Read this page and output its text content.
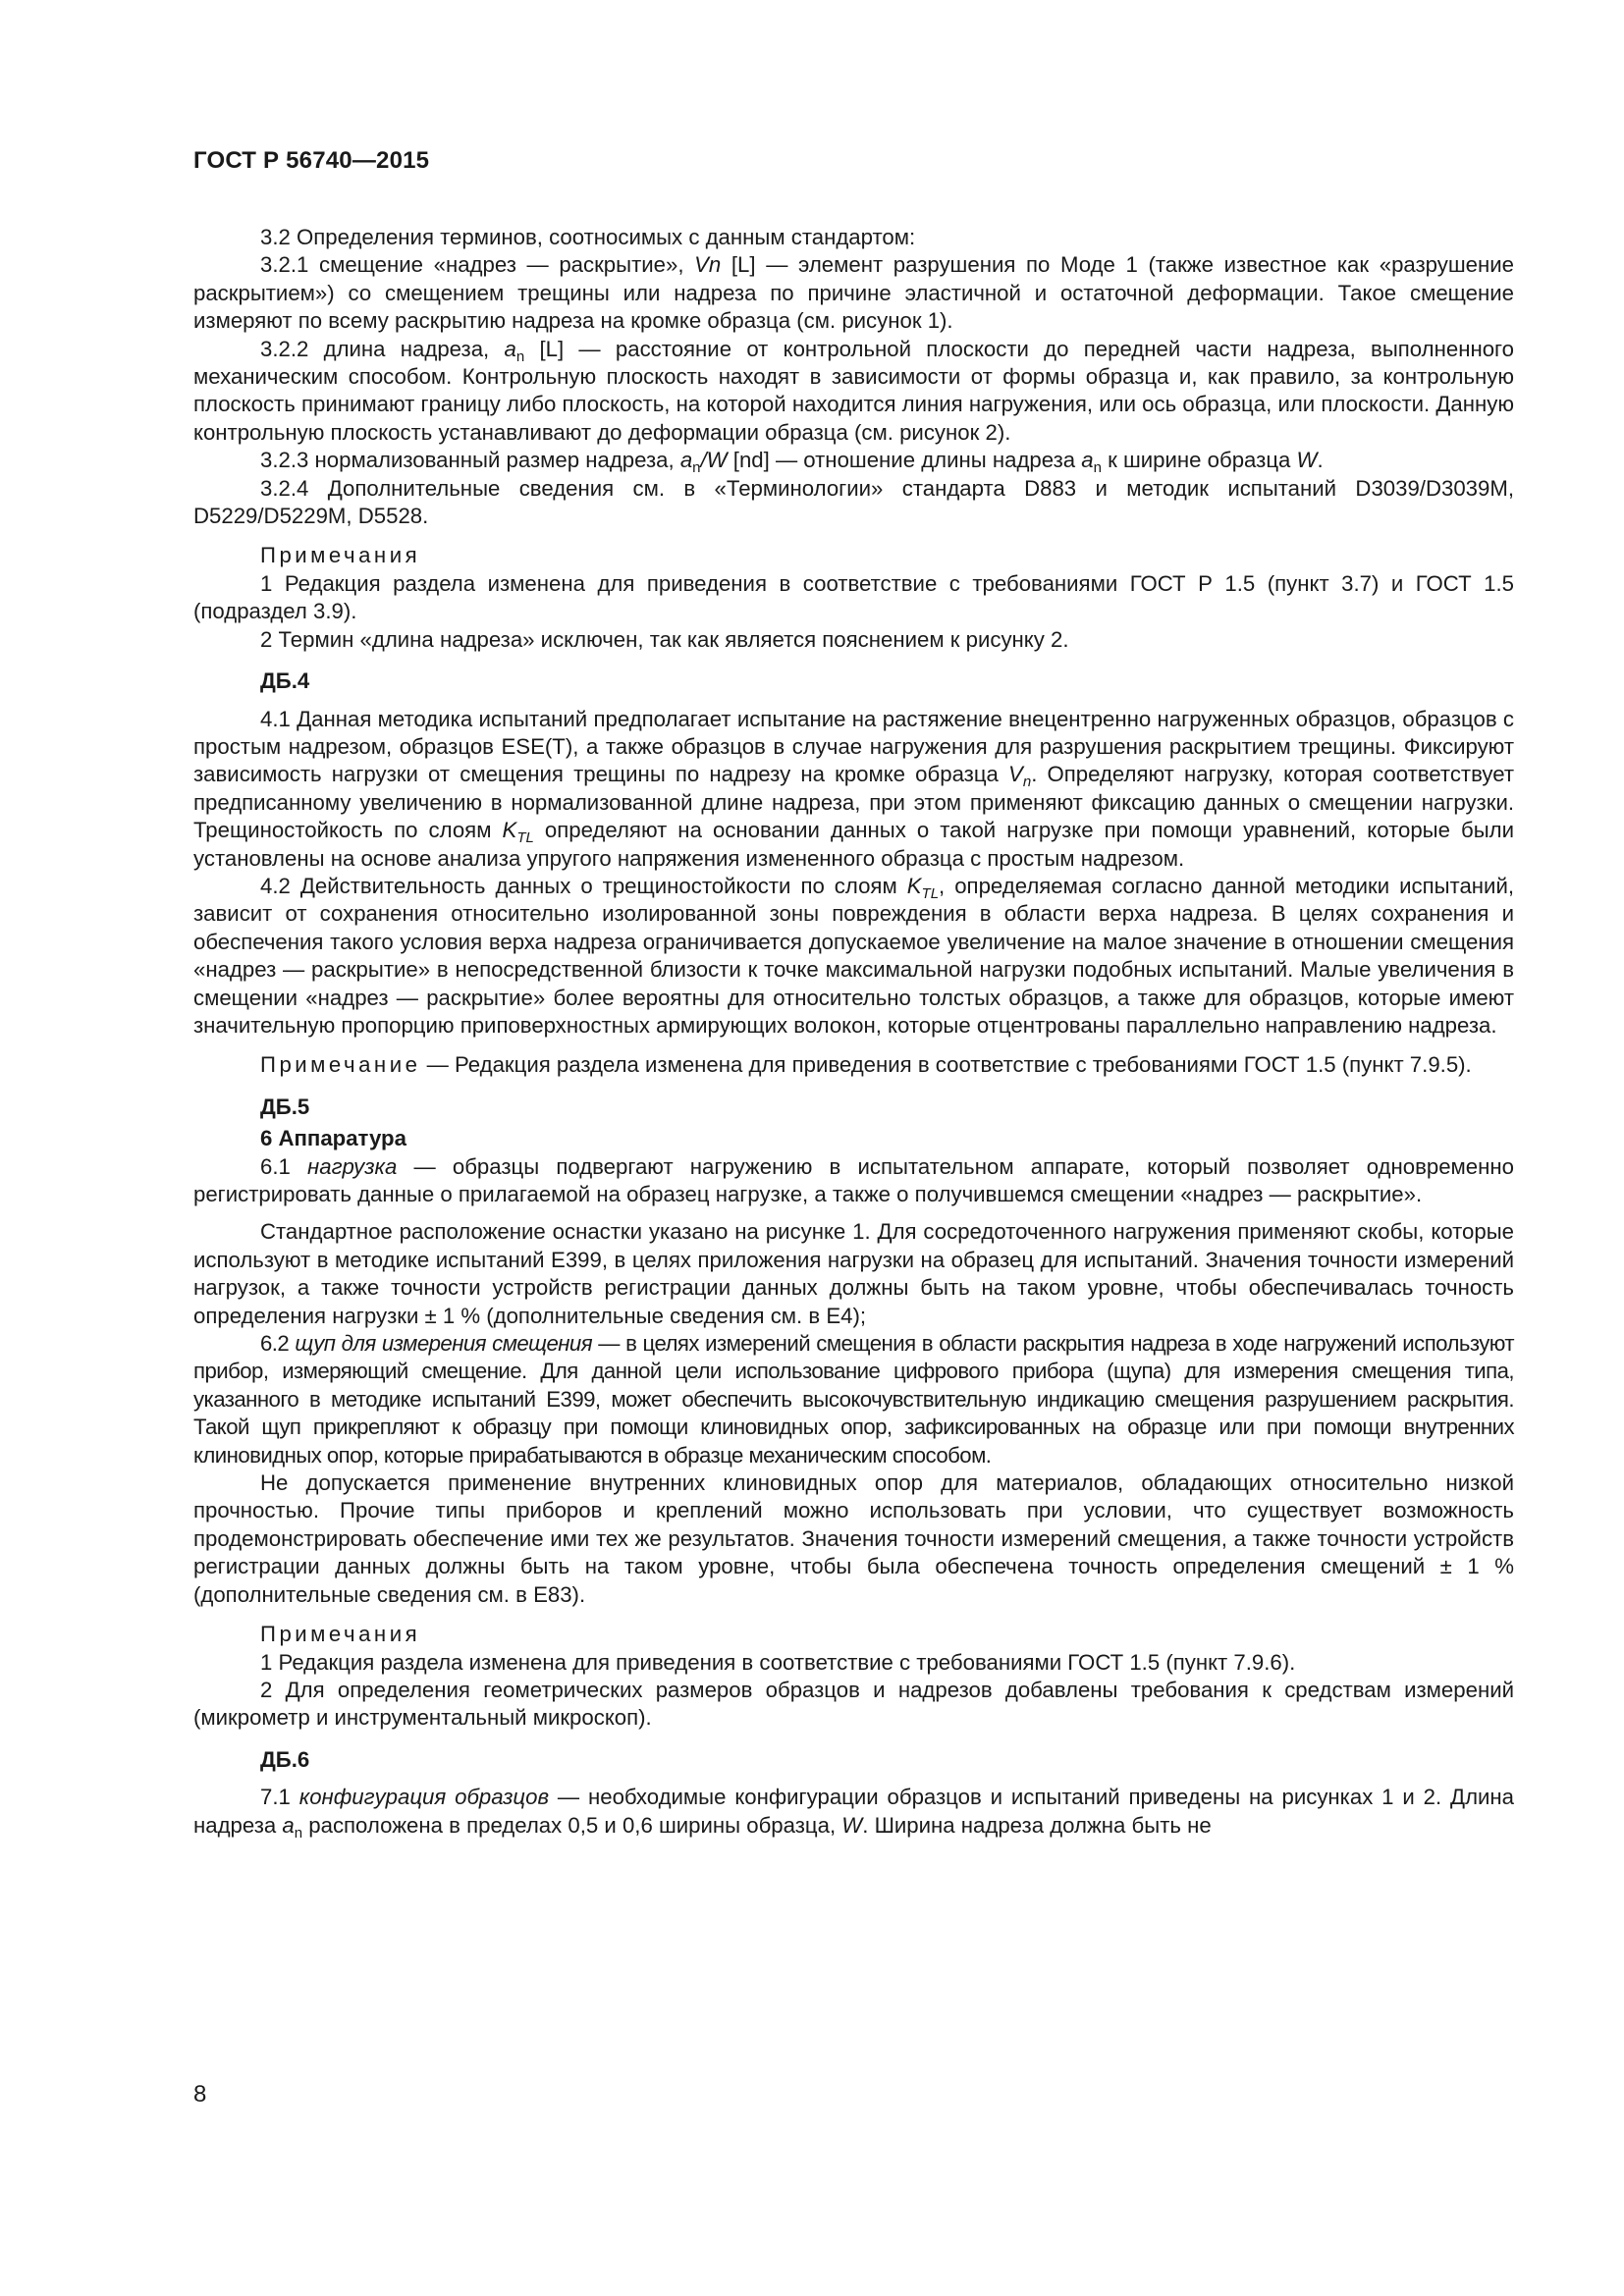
ГОСТ Р 56740—2015

3.2 Определения терминов, соотносимых с данным стандартом:

3.2.1 смещение «надрез — раскрытие», Vn [L] — элемент разрушения по Моде 1 (также известное как «разрушение раскрытием») со смещением трещины или надреза по причине эластичной и остаточной деформации. Такое смещение измеряют по всему раскрытию надреза на кромке образца (см. рисунок 1).

3.2.2 длина надреза, $a_n$ [L] — расстояние от контрольной плоскости до передней части надреза, выполненного механическим способом. Контрольную плоскость находят в зависимости от формы образца и, как правило, за контрольную плоскость принимают границу либо плоскость, на которой находится линия нагружения, или ось образца, или плоскости. Данную контрольную плоскость устанавливают до деформации образца (см. рисунок 2).

3.2.3 нормализованный размер надреза, $a_n/W$ [nd] — отношение длины надреза $a_n$ к ширине образца W.

3.2.4 Дополнительные сведения см. в «Терминологии» стандарта D883 и методик испытаний D3039/D3039M, D5229/D5229M, D5528.

Примечания

1 Редакция раздела изменена для приведения в соответствие с требованиями ГОСТ Р 1.5 (пункт 3.7) и ГОСТ 1.5 (подраздел 3.9).

2 Термин «длина надреза» исключен, так как является пояснением к рисунку 2.

ДБ.4

4.1 Данная методика испытаний предполагает испытание на растяжение внецентренно нагруженных образцов, образцов с простым надрезом, образцов ESE(T), а также образцов в случае нагружения для разрушения раскрытием трещины. Фиксируют зависимость нагрузки от смещения трещины по надрезу на кромке образца $V_n$. Определяют нагрузку, которая соответствует предписанному увеличению в нормализованной длине надреза, при этом применяют фиксацию данных о смещении нагрузки. Трещиностойкость по слоям $K_{TL}$ определяют на основании данных о такой нагрузке при помощи уравнений, которые были установлены на основе анализа упругого напряжения измененного образца с простым надрезом.

4.2 Действительность данных о трещиностойкости по слоям $K_{TL}$, определяемая согласно данной методики испытаний, зависит от сохранения относительно изолированной зоны повреждения в области верха надреза. В целях сохранения и обеспечения такого условия верха надреза ограничивается допускаемое увеличение на малое значение в отношении смещения «надрез — раскрытие» в непосредственной близости к точке максимальной нагрузки подобных испытаний. Малые увеличения в смещении «надрез — раскрытие» более вероятны для относительно толстых образцов, а также для образцов, которые имеют значительную пропорцию приповерхностных армирующих волокон, которые отцентрованы параллельно направлению надреза.

Примечание — Редакция раздела изменена для приведения в соответствие с требованиями ГОСТ 1.5 (пункт 7.9.5).

ДБ.5

6 Аппаратура

6.1 нагрузка — образцы подвергают нагружению в испытательном аппарате, который позволяет одновременно регистрировать данные о прилагаемой на образец нагрузке, а также о получившемся смещении «надрез — раскрытие».

Стандартное расположение оснастки указано на рисунке 1. Для сосредоточенного нагружения применяют скобы, которые используют в методике испытаний E399, в целях приложения нагрузки на образец для испытаний. Значения точности измерений нагрузок, а также точности устройств регистрации данных должны быть на таком уровне, чтобы обеспечивалась точность определения нагрузки ± 1 % (дополнительные сведения см. в E4);

6.2 щуп для измерения смещения — в целях измерений смещения в области раскрытия надреза в ходе нагружений используют прибор, измеряющий смещение. Для данной цели использование цифрового прибора (щупа) для измерения смещения типа, указанного в методике испытаний E399, может обеспечить высокочувствительную индикацию смещения разрушением раскрытия. Такой щуп прикрепляют к образцу при помощи клиновидных опор, зафиксированных на образце или при помощи внутренних клиновидных опор, которые прирабатываются в образце механическим способом.

Не допускается применение внутренних клиновидных опор для материалов, обладающих относительно низкой прочностью. Прочие типы приборов и креплений можно использовать при условии, что существует возможность продемонстрировать обеспечение ими тех же результатов. Значения точности измерений смещения, а также точности устройств регистрации данных должны быть на таком уровне, чтобы была обеспечена точность определения смещений ± 1 % (дополнительные сведения см. в E83).

Примечания

1 Редакция раздела изменена для приведения в соответствие с требованиями ГОСТ 1.5 (пункт 7.9.6).

2 Для определения геометрических размеров образцов и надрезов добавлены требования к средствам измерений (микрометр и инструментальный микроскоп).

ДБ.6

7.1 конфигурация образцов — необходимые конфигурации образцов и испытаний приведены на рисунках 1 и 2. Длина надреза $a_n$ расположена в пределах 0,5 и 0,6 ширины образца, W. Ширина надреза должна быть не

8
